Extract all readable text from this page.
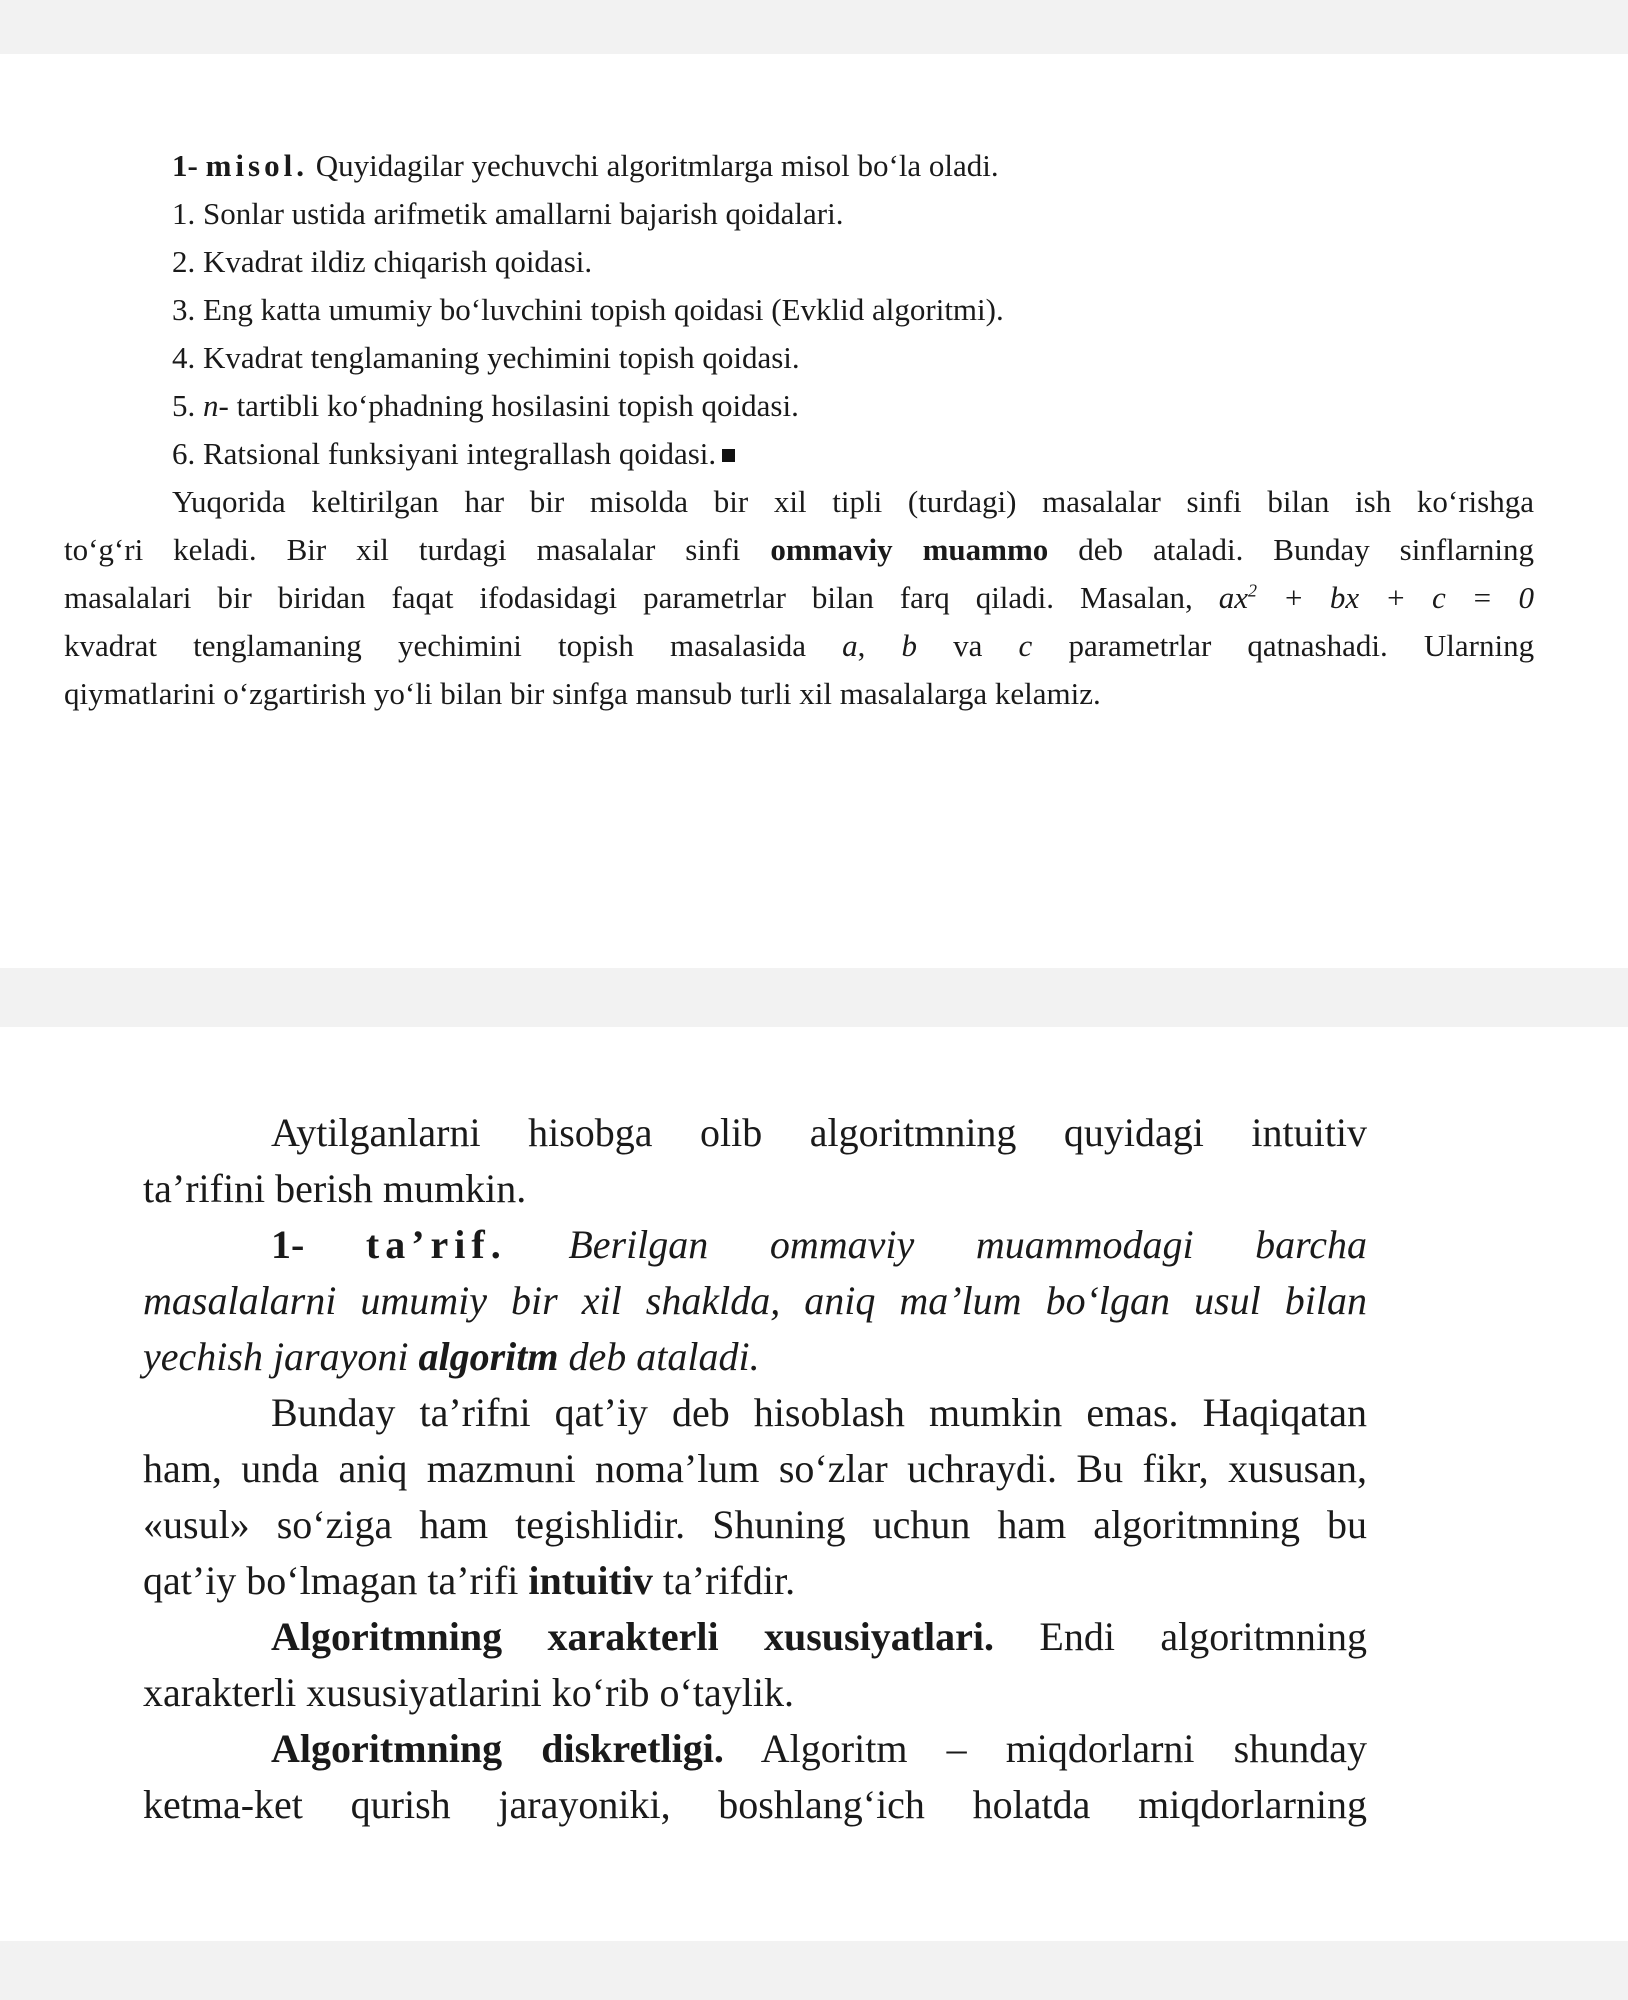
1- misol. Quyidagilar yechuvchi algoritmlarga misol bo‘la oladi.
1. Sonlar ustida arifmetik amallarni bajarish qoidalari.
2. Kvadrat ildiz chiqarish qoidasi.
3. Eng katta umumiy bo‘luvchini topish qoidasi (Evklid algoritmi).
4. Kvadrat tenglamaning yechimini topish qoidasi.
5. n- tartibli ko‘phadning hosilasini topish qoidasi.
6. Ratsional funksiyani integrallash qoidasi.
Yuqorida keltirilgan har bir misolda bir xil tipli (turdagi) masalalar sinfi bilan ish ko‘rishga
to‘g‘ri keladi. Bir xil turdagi masalalar sinfi ommaviy muammo deb ataladi. Bunday sinflarning
masalalari bir biridan faqat ifodasidagi parametrlar bilan farq qiladi. Masalan, $ax^2$ + bx + c = 0
kvadrat tenglamaning yechimini topish masalasida a, b va c parametrlar qatnashadi. Ularning
qiymatlarini o‘zgartirish yo‘li bilan bir sinfga mansub turli xil masalalarga kelamiz.
Aytilganlarni hisobga olib algoritmning quyidagi intuitiv
ta’rifini berish mumkin.
1- ta’rif. Berilgan ommaviy muammodagi barcha
masalalarni umumiy bir xil shaklda, aniq ma’lum bo‘lgan usul bilan
yechish jarayoni algoritm deb ataladi.
Bunday ta’rifni qat’iy deb hisoblash mumkin emas. Haqiqatan
ham, unda aniq mazmuni noma’lum so‘zlar uchraydi. Bu fikr, xususan,
«usul» so‘ziga ham tegishlidir. Shuning uchun ham algoritmning bu
qat’iy bo‘lmagan ta’rifi intuitiv ta’rifdir.
Algoritmning xarakterli xususiyatlari. Endi algoritmning
xarakterli xususiyatlarini ko‘rib o‘taylik.
Algoritmning diskretligi. Algoritm – miqdorlarni shunday
ketma-ket qurish jarayoniki, boshlang‘ich holatda miqdorlarning
